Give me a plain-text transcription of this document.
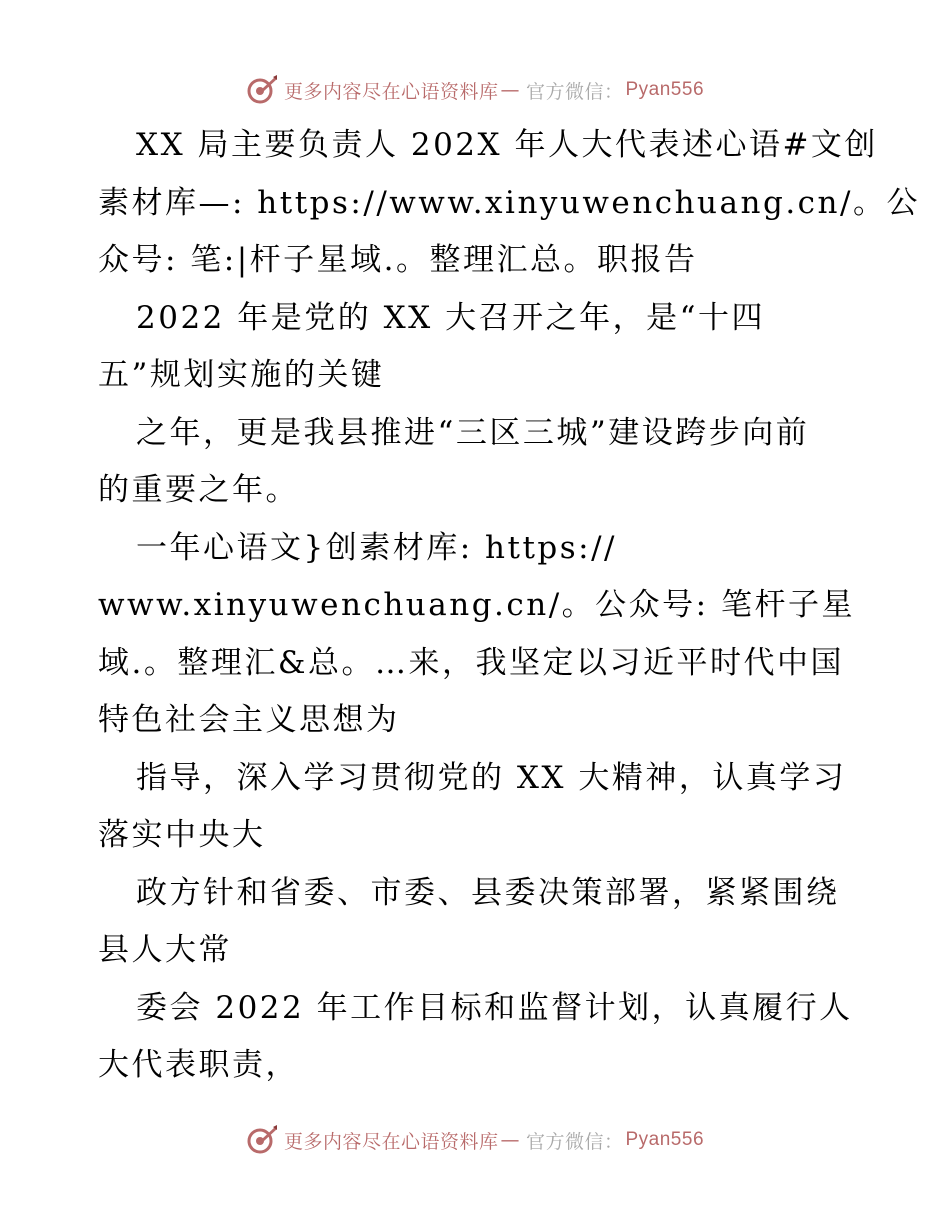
更多内容尽在心语资料库 — 官方微信： Pyan556
XX 局主要负责人 202X 年人大代表述心语#文创
素材库—: https://www.xinyuwenchuang.cn/。公
众号: 笔:|杆子星域.。整理汇总。职报告
2022 年是党的 XX 大召开之年，是“十四
五”规划实施的关键
之年，更是我县推进“三区三城”建设跨步向前
的重要之年。
一年心语文}创素材库: https://
www.xinyuwenchuang.cn/。公众号: 笔杆子星
域.。整理汇&总。…来，我坚定以习近平时代中国
特色社会主义思想为
指导，深入学习贯彻党的 XX 大精神，认真学习
落实中央大
政方针和省委、市委、县委决策部署，紧紧围绕
县人大常
委会 2022 年工作目标和监督计划，认真履行人
大代表职责，
更多内容尽在心语资料库 — 官方微信： Pyan556
